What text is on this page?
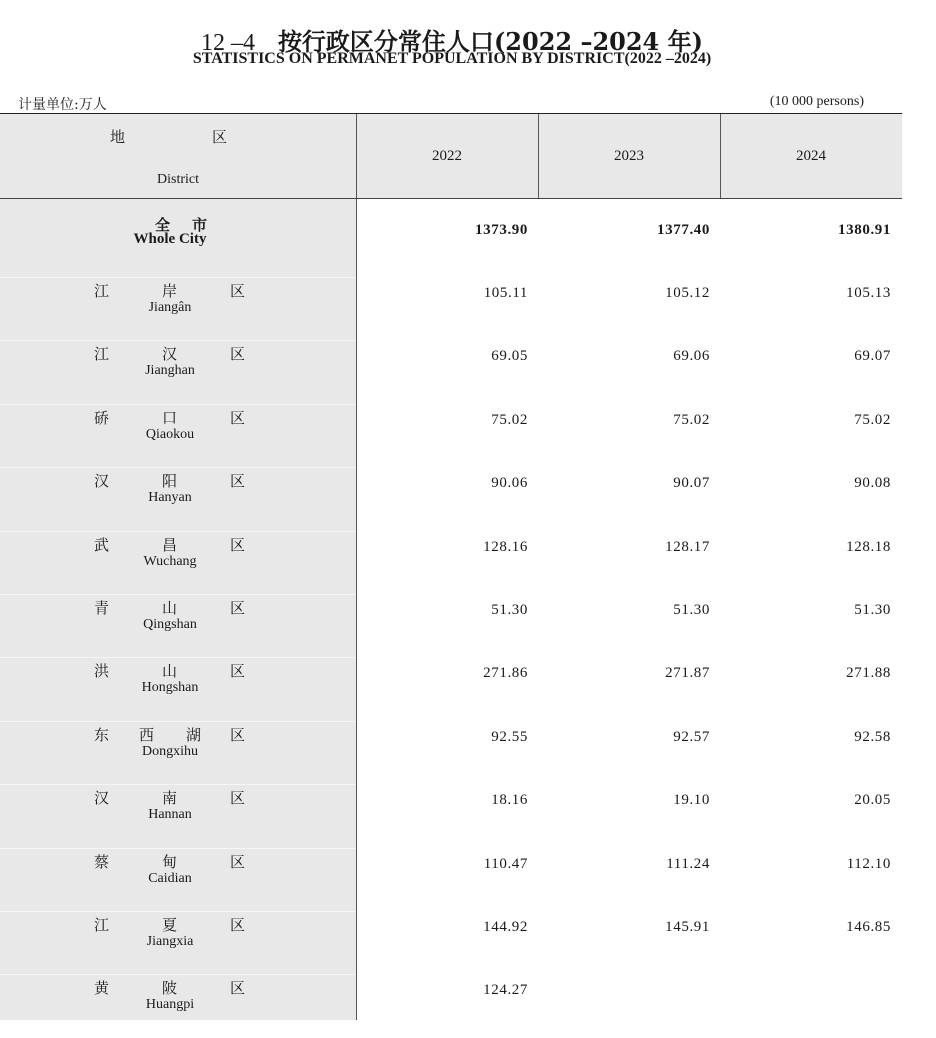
12 –4 按行政区分常住人口(2022 –2024 年)
STATISTICS ON PERMANET POPULATION BY DISTRICT(2022 –2024)
计量单位:万人	(10 000 persons)
地	区
District
2022	2023	2024
全市
Whole City
1373.90	1377.40	1380.91
江	岸	区
Jiangân
105.11	105.12	105.13
江	汉	区
Jianghan
69.05	69.06	69.07
硚	口	区
Qiaokou
75.02	75.02	75.02
汉	阳	区
Hanyan
90.06	90.07	90.08
武	昌	区
Wuchang
128.16	128.17	128.18
青	山	区
Qingshan
51.30	51.30	51.30
洪	山	区
Hongshan
271.86	271.87	271.88
东 西 湖 区
Dongxihu
92.55	92.57	92.58
汉	南	区
Hannan
18.16	19.10	20.05
蔡	甸	区
Caidian
110.47	111.24	112.10
江	夏	区
Jiangxia
144.92	145.91	146.85
黄	陂	区
Huangpi
124.27
